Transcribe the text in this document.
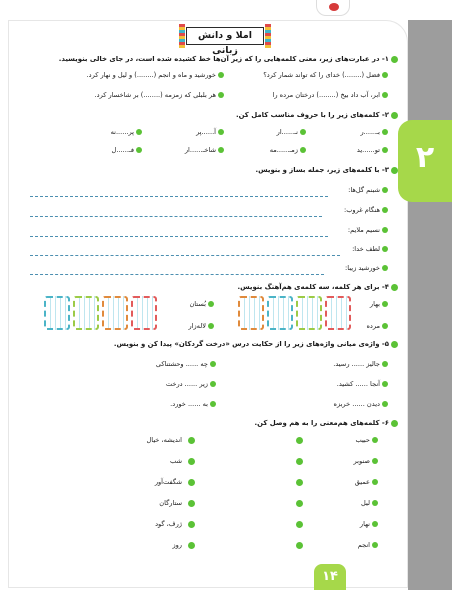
۲
املا و دانش زبانی
۱- در عبارت‌های زیر، معنی کلمه‌هایی را که زیر آن‌ها خط کشیده شده است، در جای خالی بنویسید.
فضل (........) خدای را که تواند شمار کرد؟
خورشید و ماه و انجم (........) و لیل و نهار کرد.
ابر، آب داد بیخ (........) درختان مرده را
هر بلبلی که زمزمه (........) بر شاخسار کرد.
۲- کلمه‌های زیر را با حروف مناسب کامل کن.
بـ......ر
نـ......ار
آ......پر
پر......نه
تو......ید
زمـ......مه
شاخـ......ار
فـ......ل
۳- با کلمه‌های زیر، جمله بساز و بنویس.
شبنم گل‌ها:
هنگام غروب:
نسیم ملایم:
لطف خدا:
خورشید زیبا:
۴- برای هر کلمه، سه کلمه‌ی هم‌آهنگ بنویس.
بهار
مرده
بُستان
لاله‌زار
۵- واژه‌ی میانی واژه‌های زیر را از حکایت درس «درخت گردکان» پیدا کن و بنویس.
جالیز ...... رسید.
آنجا ...... کشید.
دیدن ...... خربزه
چه ...... وحشتناکی
زیر ...... درخت
به ...... خورد.
۶- کلمه‌های هم‌معنی را به هم وصل کن.
حبیب
صنوبر
عمیق
لیل
نهار
انجم
اندیشه، خیال
شب
شگفت‌آور
ستارگان
ژرف، گود
روز
۱۴
